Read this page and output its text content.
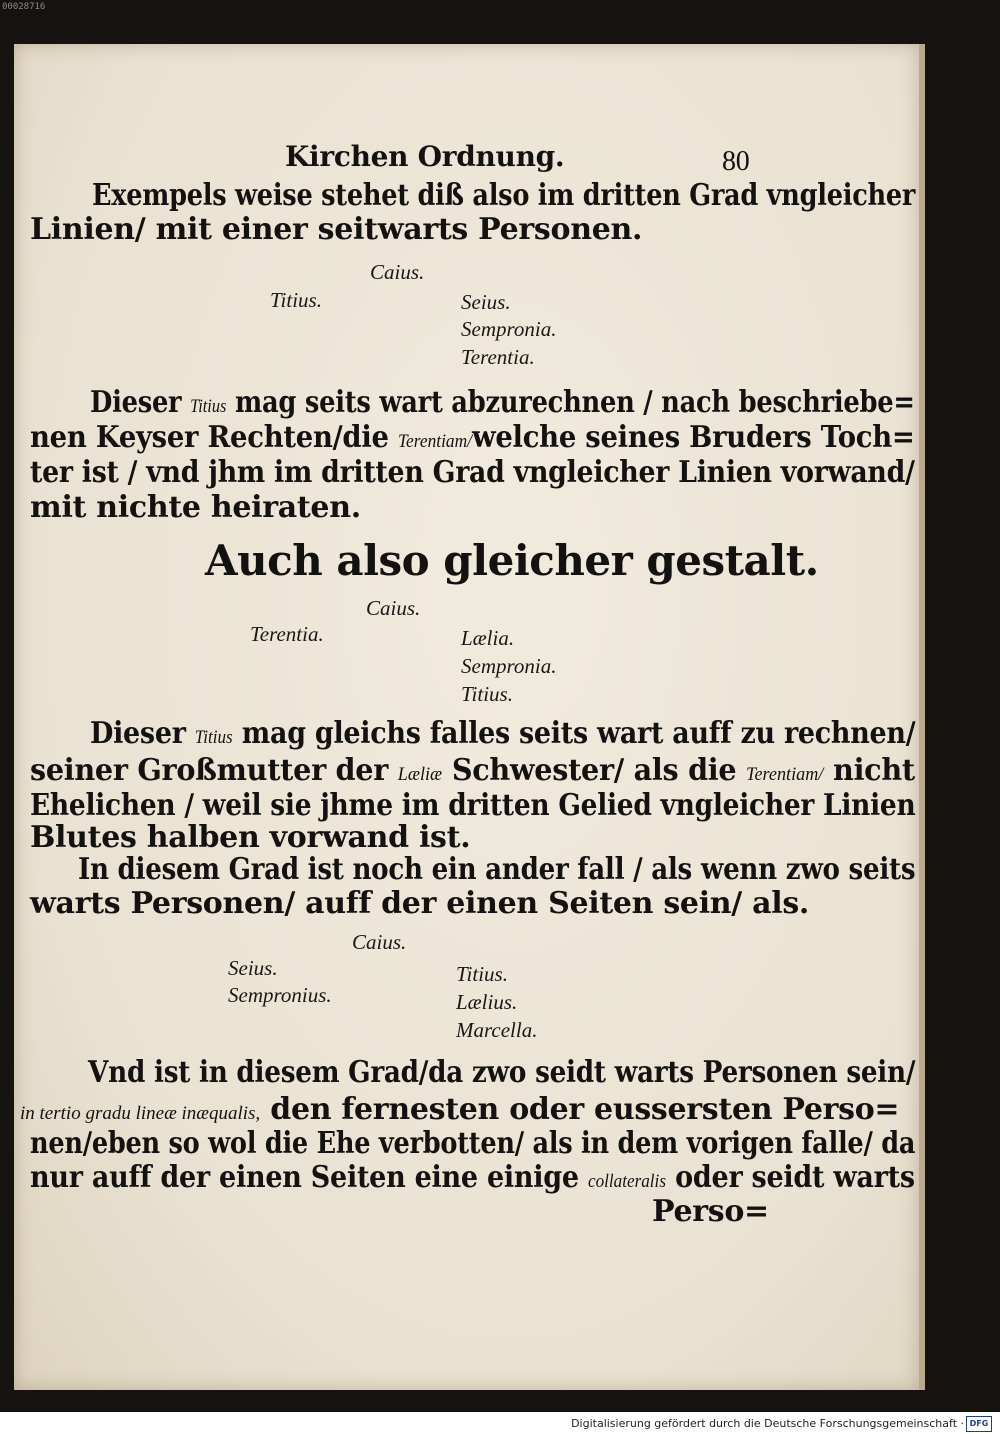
00028716
Kirchen Ordnung.	80
Exempels weise stehet diß also im dritten Grad vngleicher
Linien/ mit einer seitwarts Personen.
Caius.
Titius.	Seius.
Sempronia.
Terentia.
Dieser Titius mag seits wart abzurechnen / nach beschriebe=
nen Keyser Rechten/die Terentiam/welche seines Bruders Toch=
ter ist / vnd jhm im dritten Grad vngleicher Linien vorwand/
mit nichte heiraten.
Auch also gleicher gestalt.
Caius.
Terentia.	Lælia.
Sempronia.
Titius.
Dieser Titius mag gleichs falles seits wart auff zu rechnen/
seiner Großmutter der Læliæ Schwester/ als die Terentiam/ nicht
Ehelichen / weil sie jhme im dritten Gelied vngleicher Linien
Blutes halben vorwand ist.
In diesem Grad ist noch ein ander fall / als wenn zwo seits
warts Personen/ auff der einen Seiten sein/ als.
Caius.
Seius.
Sempronius.
Titius.
Lælius.
Marcella.
Vnd ist in diesem Grad/da zwo seidt warts Personen sein/
in tertio gradu lineæ inæqualis, den fernesten oder eussersten Perso=
nen/eben so wol die Ehe verbotten/ als in dem vorigen falle/ da
nur auff der einen Seiten eine einige collateralis oder seidt warts
Perso=
Digitalisierung gefördert durch die Deutsche Forschungsgemeinschaft · DFG
